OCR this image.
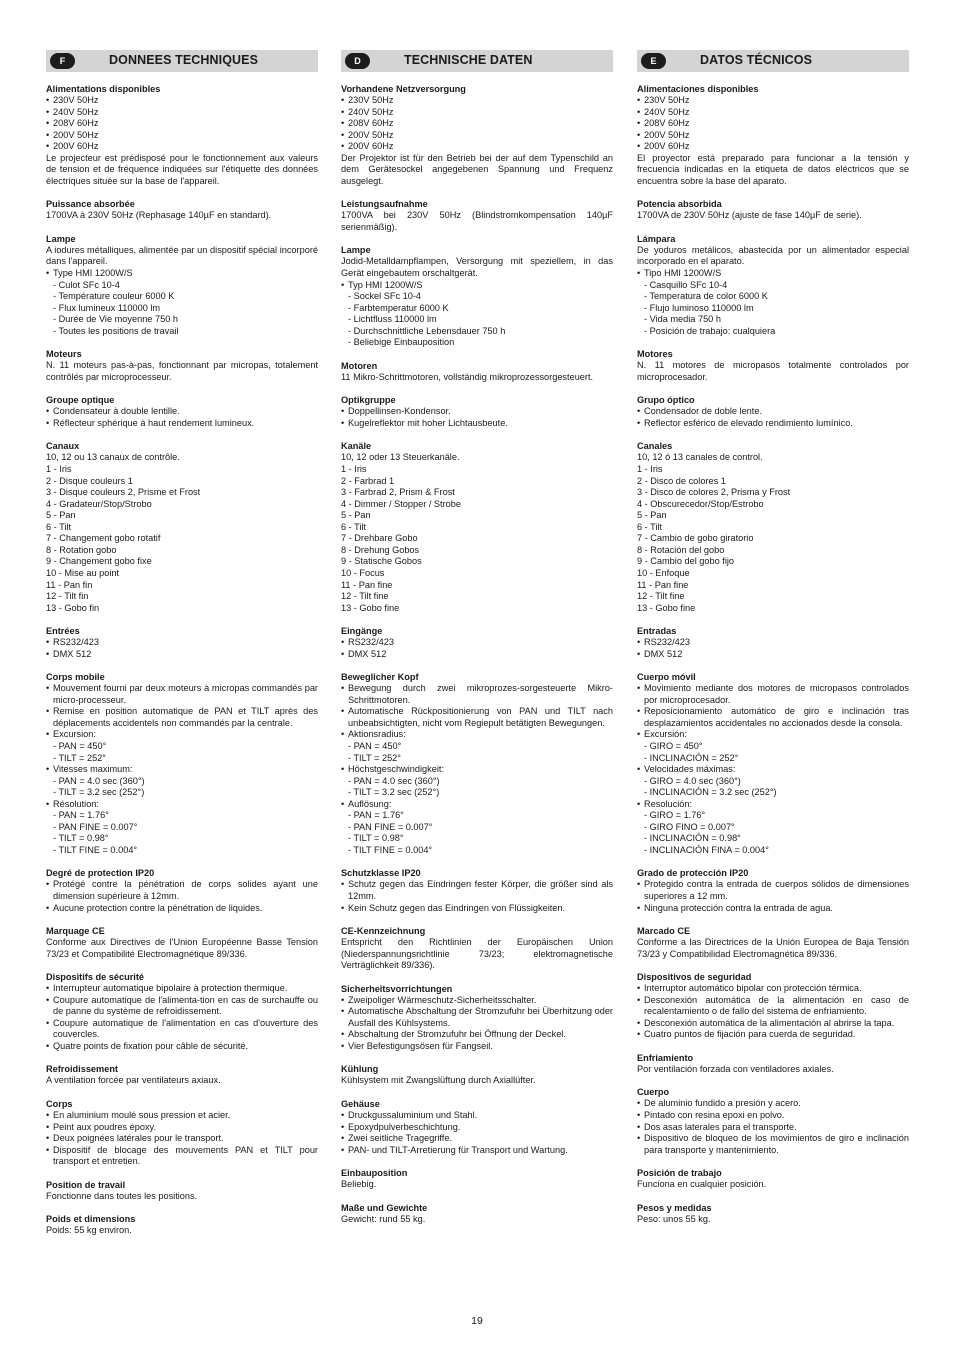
F	DONNEES TECHNIQUES
Alimentations disponibles
• 230V 50Hz
• 240V 50Hz
• 208V 60Hz
• 200V 50Hz
• 200V 60Hz
Le projecteur est prédisposé pour le fonctionnement aux valeurs de tension et de fréquence indiquées sur l'étiquette des données électriques située sur la base de l'appareil.
Puissance absorbée
1700VA à 230V 50Hz (Rephasage 140µF en standard).
Lampe
A iodures métalliques, alimentée par un dispositif spécial incorporé dans l'appareil.
• Type HMI 1200W/S
- Culot SFc 10-4
- Température couleur 6000 K
- Flux lumineux 110000 lm
- Durée de Vie moyenne 750 h
- Toutes les positions de travail
Moteurs
N. 11 moteurs pas-à-pas, fonctionnant par micropas, totalement contrôlés par microprocesseur.
Groupe optique
• Condensateur à double lentille.
• Réflecteur sphérique à haut rendement lumineux.
Canaux
10, 12 ou 13 canaux de contrôle.
1 - Iris
2 - Disque couleurs 1
3 - Disque couleurs 2, Prisme et Frost
4 - Gradateur/Stop/Strobo
5 - Pan
6 - Tilt
7 - Changement gobo rotatif
8 - Rotation gobo
9 - Changement gobo fixe
10 - Mise au point
11 - Pan fin
12 - Tilt fin
13 - Gobo fin
Entrées
• RS232/423
• DMX 512
Corps mobile
• Mouvement fourni par deux moteurs à micropas commandés par micro-processeur.
• Remise en position automatique de PAN et TILT après des déplacements accidentels non commandés par la centrale.
• Excursion:
- PAN = 450°
- TILT = 252°
• Vitesses maximum:
- PAN = 4.0 sec (360°)
- TILT = 3.2 sec (252°)
• Résolution:
- PAN = 1.76°
- PAN FINE = 0.007°
- TILT = 0.98°
- TILT FINE = 0.004°
Degré de protection IP20
• Protégé contre la pénétration de corps solides ayant une dimension supérieure à 12mm.
• Aucune protection contre la pénétration de liquides.
Marquage CE
Conforme aux Directives de l'Union Européenne Basse Tension 73/23 et Compatibilité Electromagnétique 89/336.
Dispositifs de sécurité
• Interrupteur automatique bipolaire à protection thermique.
• Coupure automatique de l'alimenta-tion en cas de surchauffe ou de panne du système de refroidissement.
• Coupure automatique de l'alimentation en cas d'ouverture des couvercles.
• Quatre points de fixation pour câble de sécurité.
Refroidissement
A ventilation forcée par ventilateurs axiaux.
Corps
• En aluminium moulé sous pression et acier.
• Peint aux poudres époxy.
• Deux poignées latérales pour le transport.
• Dispositif de blocage des mouvements PAN et TILT pour transport et entretien.
Position de travail
Fonctionne dans toutes les positions.
Poids et dimensions
Poids: 55 kg environ.
D	TECHNISCHE DATEN
Vorhandene Netzversorgung
• 230V 50Hz
• 240V 50Hz
• 208V 60Hz
• 200V 50Hz
• 200V 60Hz
Der Projektor ist für den Betrieb bei der auf dem Typenschild an dem Gerätesockel angegebenen Spannung und Frequenz ausgelegt.
Leistungsaufnahme
1700VA bei 230V 50Hz (Blindstromkompensation 140µF serienmäßig).
Lampe
Jodid-Metalldampflampen, Versorgung mit speziellem, in das Gerät eingebautem orschaltgerät.
• Typ HMI 1200W/S
- Sockel SFc 10-4
- Farbtemperatur 6000 K
- Lichtfluss 110000 lm
- Durchschnittliche Lebensdauer 750 h
- Beliebige Einbauposition
Motoren
11 Mikro-Schrittmotoren, vollständig mikroprozessorgesteuert.
Optikgruppe
• Doppellinsen-Kondensor.
• Kugelreflektor mit hoher Lichtausbeute.
Kanäle
10, 12 oder 13 Steuerkanäle.
1 - Iris
2 - Farbrad 1
3 - Farbrad 2, Prism & Frost
4 - Dimmer / Stopper / Strobe
5 - Pan
6 - Tilt
7 - Drehbare Gobo
8 - Drehung Gobos
9 - Statische Gobos
10 - Focus
11 - Pan fine
12 - Tilt fine
13 - Gobo fine
Eingänge
• RS232/423
• DMX 512
Beweglicher Kopf
• Bewegung durch zwei mikroprozes-sorgesteuerte Mikro-Schrittmotoren.
• Automatische Rückpositionierung von PAN und TILT nach unbeabsichtigten, nicht vom Regiepult betätigten Bewegungen.
• Aktionsradius:
- PAN = 450°
- TILT = 252°
• Höchstgeschwindigkeit:
- PAN = 4.0 sec (360°)
- TILT = 3.2 sec (252°)
• Auflösung:
- PAN = 1.76°
- PAN FINE = 0.007°
- TILT = 0.98°
- TILT FINE = 0.004°
Schutzklasse IP20
• Schutz gegen das Eindringen fester Körper, die größer sind als 12mm.
• Kein Schutz gegen das Eindringen von Flüssigkeiten.
CE-Kennzeichnung
Entspricht den Richtlinien der Europäischen Union (Niederspannungsrichtlinie 73/23; elektromagnetische Verträglichkeit 89/336).
Sicherheitsvorrichtungen
• Zweipoliger Wärmeschutz-Sicherheitsschalter.
• Automatische Abschaltung der Stromzufuhr bei Überhitzung oder Ausfall des Kühlsystems.
• Abschaltung der Stromzufuhr bei Öffnung der Deckel.
• Vier Befestigungsösen für Fangseil.
Kühlung
Kühlsystem mit Zwangslüftung durch Axiallüfter.
Gehäuse
• Druckgussaluminium und Stahl.
• Epoxydpulverbeschichtung.
• Zwei seitliche Tragegriffe.
• PAN- und TILT-Arretierung für Transport und Wartung.
Einbauposition
Beliebig.
Maße und Gewichte
Gewicht: rund 55 kg.
E	DATOS TÉCNICOS
Alimentaciones disponibles
• 230V 50Hz
• 240V 50Hz
• 208V 60Hz
• 200V 50Hz
• 200V 60Hz
El proyector está preparado para funcionar a la tensión y frecuencia indicadas en la etiqueta de datos eléctricos que se encuentra sobre la base del aparato.
Potencia absorbida
1700VA de 230V 50Hz (ajuste de fase 140µF de serie).
Lámpara
De yoduros metálicos, abastecida por un alimentador especial incorporado en el aparato.
• Tipo HMI 1200W/S
- Casquillo SFc 10-4
- Temperatura de color 6000 K
- Flujo luminoso 110000 lm
- Vida media 750 h
- Posición de trabajo: cualquiera
Motores
N. 11 motores de micropasos totalmente controlados por microprocesador.
Grupo óptico
• Condensador de doble lente.
• Reflector esférico de elevado rendimiento lumínico.
Canales
10, 12 ó 13 canales de control.
1 - Iris
2 - Disco de colores 1
3 - Disco de colores 2, Prisma y Frost
4 - Obscurecedor/Stop/Estrobo
5 - Pan
6 - Tilt
7 - Cambio de gobo giratorio
8 - Rotación del gobo
9 - Cambio del gobo fijo
10 - Enfoque
11 - Pan fine
12 - Tilt fine
13 - Gobo fine
Entradas
• RS232/423
• DMX 512
Cuerpo móvil
• Movimiento mediante dos motores de micropasos controlados por microprocesador.
• Reposicionamiento automático de giro e inclinación tras desplazamientos accidentales no accionados desde la consola.
• Excursión:
- GIRO = 450°
- INCLINACIÓN = 252°
• Velocidades máximas:
- GIRO = 4.0 sec (360°)
- INCLINACIÓN = 3.2 sec (252°)
• Resolución:
- GIRO = 1.76°
- GIRO FINO = 0.007°
- INCLINACIÓN = 0.98°
- INCLINACIÓN FINA = 0.004°
Grado de protección IP20
• Protegido contra la entrada de cuerpos sólidos de dimensiones superiores a 12 mm.
• Ninguna protección contra la entrada de agua.
Marcado CE
Conforme a las Directrices de la Unión Europea de Baja Tensión 73/23 y Compatibilidad Electromagnética 89/336.
Dispositivos de seguridad
• Interruptor automático bipolar con protección térmica.
• Desconexión automática de la alimentación en caso de recalentamiento o de fallo del sistema de enfriamiento.
• Desconexión automática de la alimentación al abrirse la tapa.
• Cuatro puntos de fijación para cuerda de seguridad.
Enfriamiento
Por ventilación forzada con ventiladores axiales.
Cuerpo
• De aluminio fundido a presión y acero.
• Pintado con resina epoxi en polvo.
• Dos asas laterales para el transporte.
• Dispositivo de bloqueo de los movimientos de giro e inclinación para transporte y mantenimiento.
Posición de trabajo
Funciona en cualquier posición.
Pesos y medidas
Peso: unos 55 kg.
19
